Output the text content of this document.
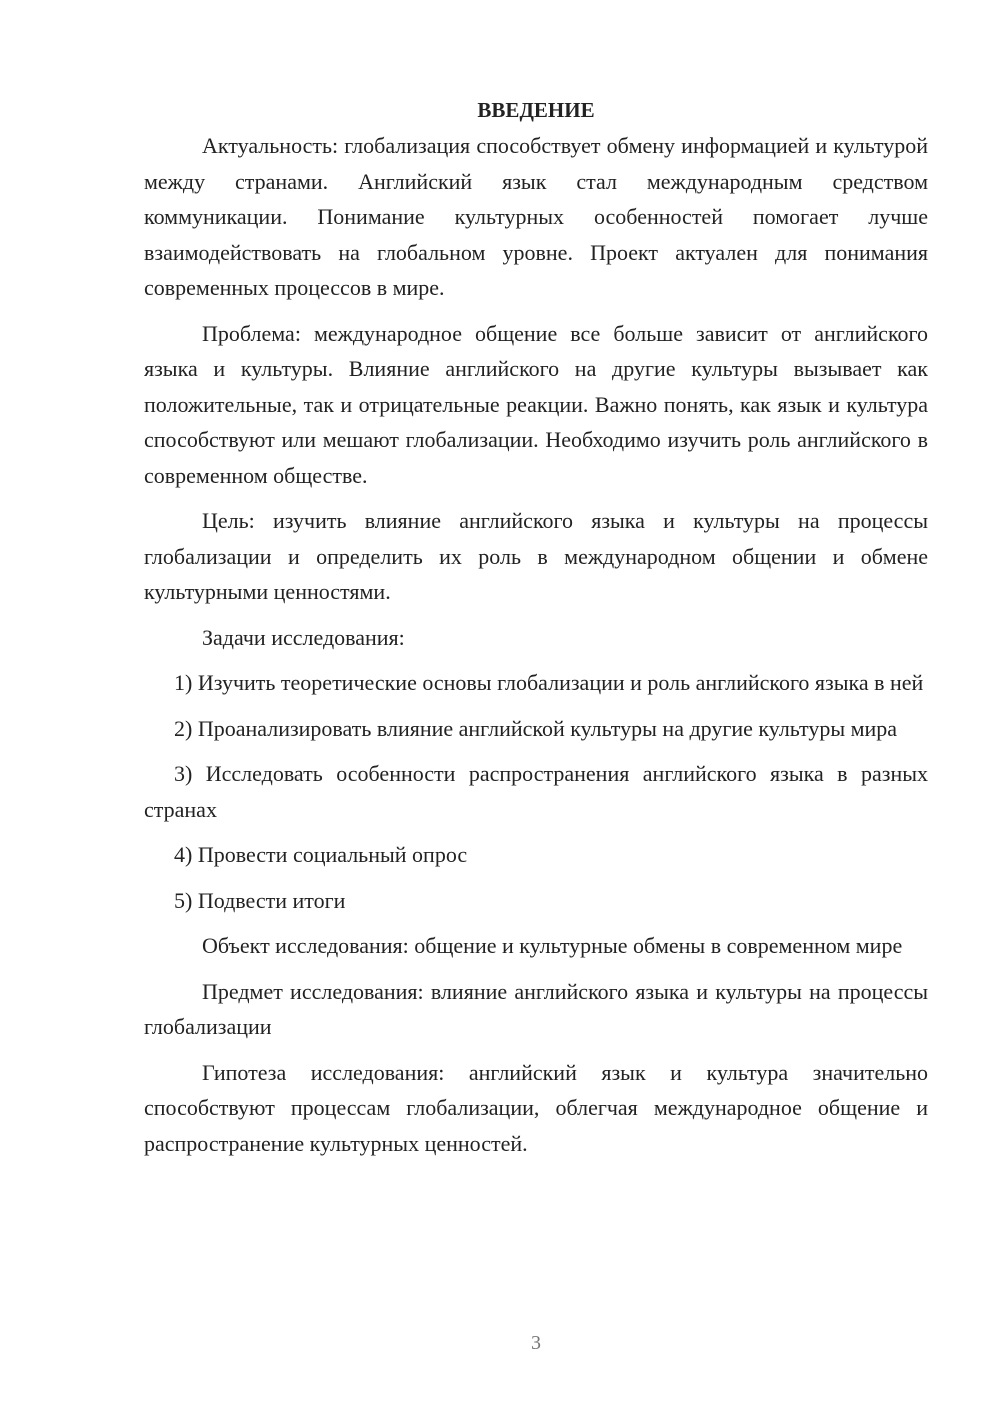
ВВЕДЕНИЕ

Актуальность: глобализация способствует обмену информацией и культурой между странами. Английский язык стал международным средством коммуникации. Понимание культурных особенностей помогает лучше взаимодействовать на глобальном уровне. Проект актуален для понимания современных процессов в мире.

Проблема: международное общение все больше зависит от английского языка и культуры. Влияние английского на другие культуры вызывает как положительные, так и отрицательные реакции. Важно понять, как язык и культура способствуют или мешают глобализации. Необходимо изучить роль английского в современном обществе.

Цель: изучить влияние английского языка и культуры на процессы глобализации и определить их роль в международном общении и обмене культурными ценностями.

Задачи исследования:

1) Изучить теоретические основы глобализации и роль английского языка в ней

2) Проанализировать влияние английской культуры на другие культуры мира

3) Исследовать особенности распространения английского языка в разных странах

4) Провести социальный опрос

5) Подвести итоги

Объект исследования: общение и культурные обмены в современном мире

Предмет исследования: влияние английского языка и культуры на процессы глобализации

Гипотеза исследования: английский язык и культура значительно способствуют процессам глобализации, облегчая международное общение и распространение культурных ценностей.

3
